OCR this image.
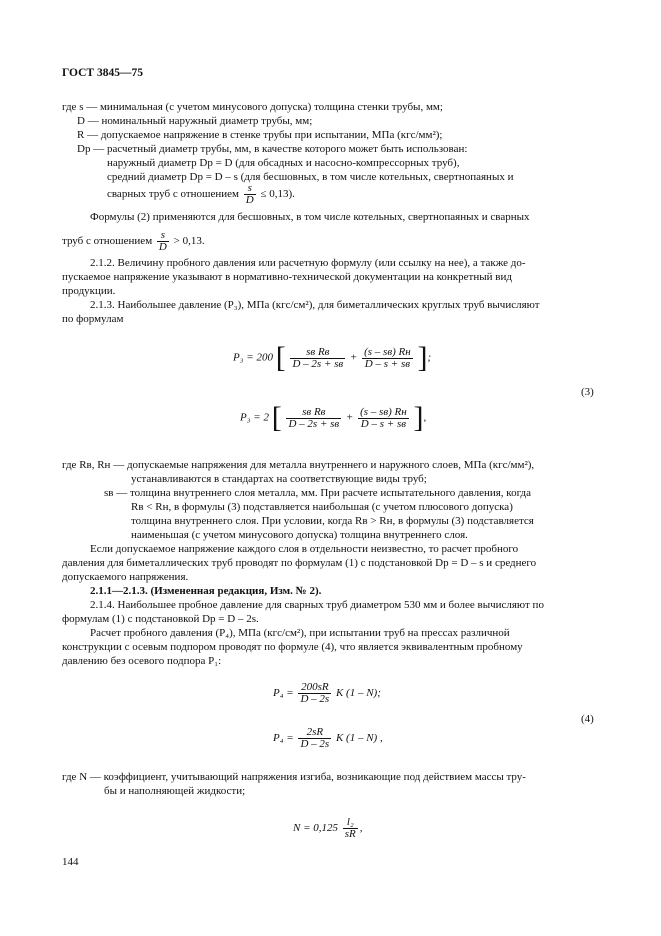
ГОСТ 3845—75
где s — минимальная (с учетом минусового допуска) толщина стенки трубы, мм;
D — номинальный наружный диаметр трубы, мм;
R — допускаемое напряжение в стенке трубы при испытании, МПа (кгс/мм²);
Dр — расчетный диаметр трубы, мм, в качестве которого может быть использован:
наружный диаметр Dр = D (для обсадных и насосно-компрессорных труб),
средний диаметр Dр = D – s (для бесшовных, в том числе котельных, свертнопаяных и
сварных труб с отношением $\frac{s}{D} \le 0,13$).
Формулы (2) применяются для бесшовных, в том числе котельных, свертнопаяных и сварных
труб с отношением $\frac{s}{D} > 0,13$.
2.1.2. Величину пробного давления или расчетную формулу (или ссылку на нее), а также до-
пускаемое напряжение указывают в нормативно-технической документации на конкретный вид
продукции.
2.1.3. Наибольшее давление (P₃), МПа (кгс/см²), для биметаллических круглых труб вычисляют
по формулам
P₃ = 200 [ $\frac{\text{sв Rв}}{D - 2s + sв} + \frac{(s - sв) Rн}{D - s + sв}$ ];
(3)
P₃ = 2 [ $\frac{\text{sв Rв}}{D - 2s + sв} + \frac{(s - sв) Rн}{D - s + sв}$ ],
где Rв, Rн — допускаемые напряжения для металла внутреннего и наружного слоев, МПа (кгс/мм²),
устанавливаются в стандартах на соответствующие виды труб;
sв — толщина внутреннего слоя металла, мм. При расчете испытательного давления, когда
Rв < Rн, в формулы (3) подставляется наибольшая (с учетом плюсового допуска)
толщина внутреннего слоя. При условии, когда Rв > Rн, в формулы (3) подставляется
наименьшая (с учетом минусового допуска) толщина внутреннего слоя.
Если допускаемое напряжение каждого слоя в отдельности неизвестно, то расчет пробного
давления для биметаллических труб проводят по формулам (1) с подстановкой Dр = D – s и среднего
допускаемого напряжения.
2.1.1—2.1.3. (Измененная редакция, Изм. № 2).
2.1.4. Наибольшее пробное давление для сварных труб диаметром 530 мм и более вычисляют по
формулам (1) с подстановкой Dр = D – 2s.
Расчет пробного давления (P₄), МПа (кгс/см²), при испытании труб на прессах различной
конструкции с осевым подпором проводят по формуле (4), что является эквивалентным пробному
давлению без осевого подпора P₁:
$P_4 = \frac{200sR}{D - 2s}$ K (1 – N);
(4)
$P_4 = \frac{2sR}{D - 2s}$ K (1 – N) ,
где N — коэффициент, учитывающий напряжения изгиба, возникающие под действием массы тру-
бы и наполняющей жидкости;
$N = 0,125 \frac{\text{l₂}}{sR}$ ,
144
